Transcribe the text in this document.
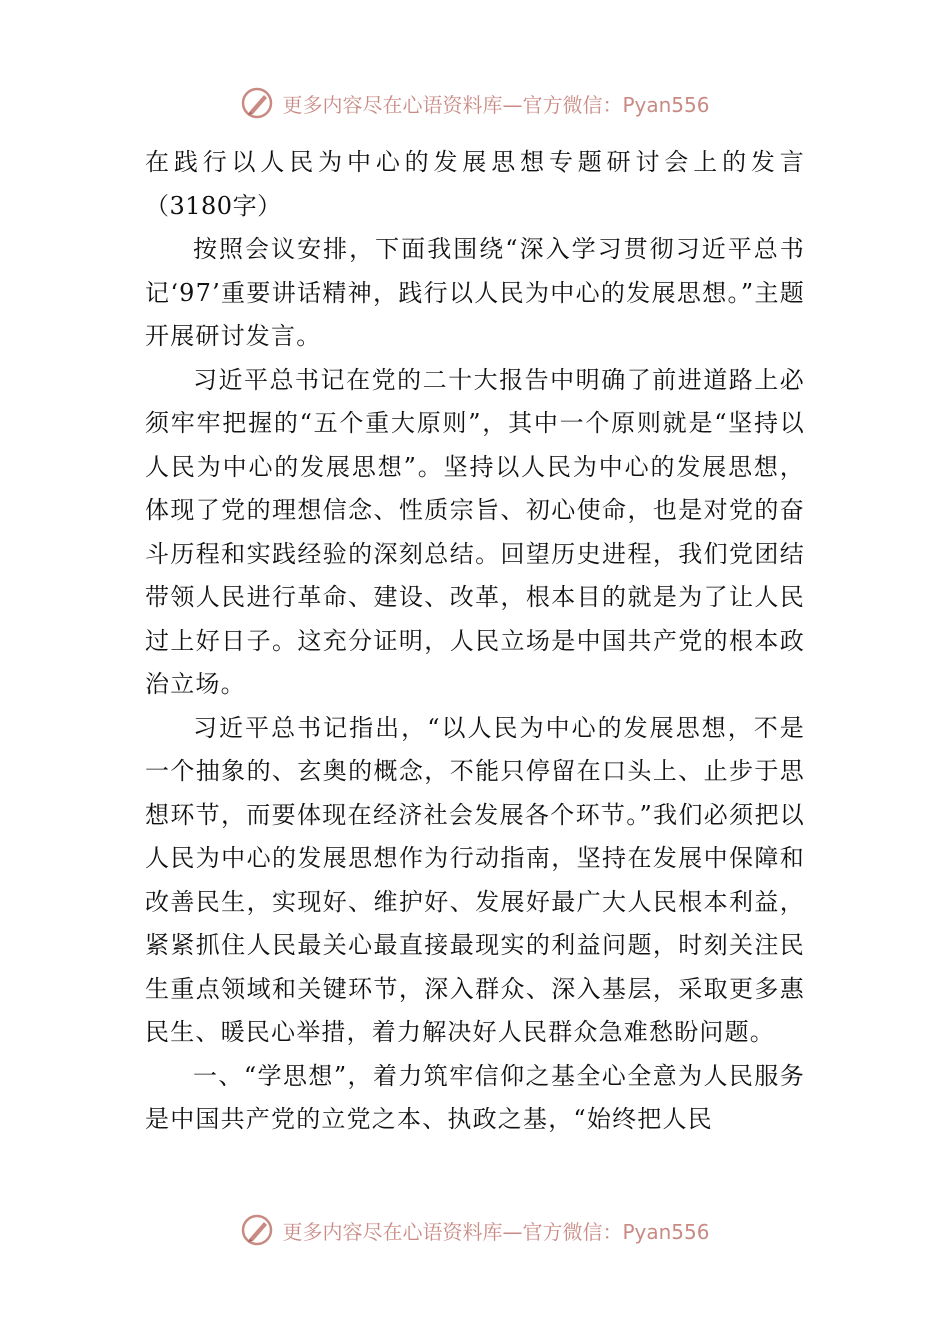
更多内容尽在心语资料库—官方微信：Pyan556

在践行以人民为中心的发展思想专题研讨会上的发言（3180字）

按照会议安排，下面我围绕“深入学习贯彻习近平总书记‘97’重要讲话精神，践行以人民为中心的发展思想。”主题开展研讨发言。

习近平总书记在党的二十大报告中明确了前进道路上必须牢牢把握的“五个重大原则”，其中一个原则就是“坚持以人民为中心的发展思想”。坚持以人民为中心的发展思想，体现了党的理想信念、性质宗旨、初心使命，也是对党的奋斗历程和实践经验的深刻总结。回望历史进程，我们党团结带领人民进行革命、建设、改革，根本目的就是为了让人民过上好日子。这充分证明，人民立场是中国共产党的根本政治立场。

习近平总书记指出，“以人民为中心的发展思想，不是一个抽象的、玄奥的概念，不能只停留在口头上、止步于思想环节，而要体现在经济社会发展各个环节。”我们必须把以人民为中心的发展思想作为行动指南，坚持在发展中保障和改善民生，实现好、维护好、发展好最广大人民根本利益，紧紧抓住人民最关心最直接最现实的利益问题，时刻关注民生重点领域和关键环节，深入群众、深入基层，采取更多惠民生、暖民心举措，着力解决好人民群众急难愁盼问题。

一、“学思想”，着力筑牢信仰之基全心全意为人民服务是中国共产党的立党之本、执政之基，“始终把人民

更多内容尽在心语资料库—官方微信：Pyan556
